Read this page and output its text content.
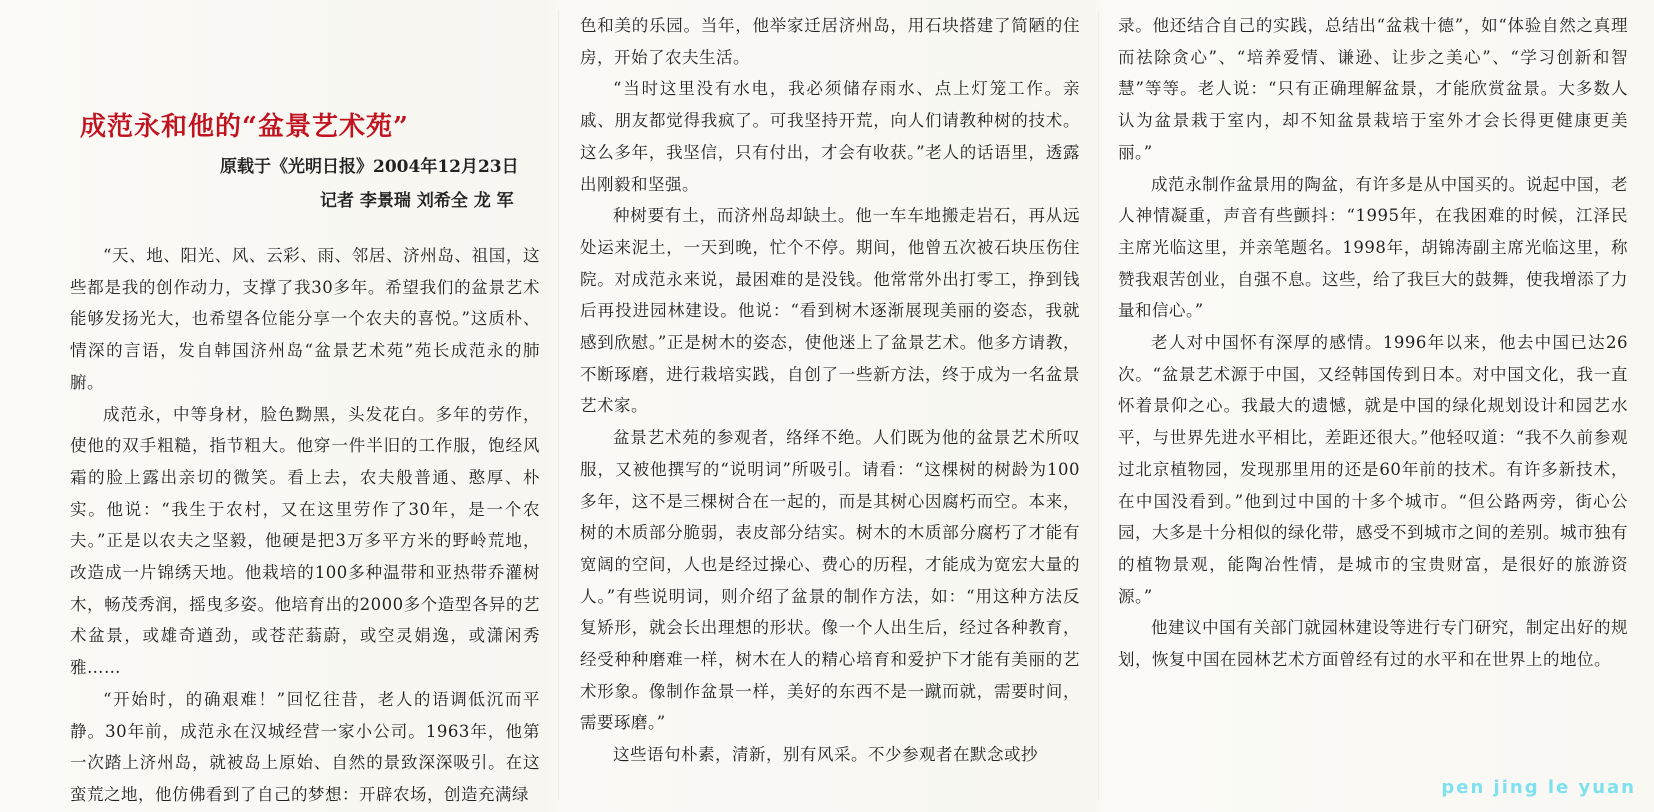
成范永和他的“盆景艺术苑”
原载于《光明日报》2004年12月23日
记者 李景瑞 刘希全 龙 军

“天、地、阳光、风、云彩、雨、邻居、济州岛、祖国，这些都是我的创作动力，支撑了我30多年。希望我们的盆景艺术能够发扬光大，也希望各位能分享一个农夫的喜悦。”这质朴、情深的言语，发自韩国济州岛“盆景艺术苑”苑长成范永的肺腑。

成范永，中等身材，脸色黝黑，头发花白。多年的劳作，使他的双手粗糙，指节粗大。他穿一件半旧的工作服，饱经风霜的脸上露出亲切的微笑。看上去，农夫般普通、憨厚、朴实。他说：“我生于农村，又在这里劳作了30年，是一个农夫。”正是以农夫之坚毅，他硬是把3万多平方米的野岭荒地，改造成一片锦绣天地。他栽培的100多种温带和亚热带乔灌树木，畅茂秀润，摇曳多姿。他培育出的2000多个造型各异的艺术盆景，或雄奇遒劲，或苍茫蓊蔚，或空灵娟逸，或潇闲秀雅……

“开始时，的确艰难！”回忆往昔，老人的语调低沉而平静。30年前，成范永在汉城经营一家小公司。1963年，他第一次踏上济州岛，就被岛上原始、自然的景致深深吸引。在这蛮荒之地，他仿佛看到了自己的梦想：开辟农场，创造充满绿

色和美的乐园。当年，他举家迁居济州岛，用石块搭建了简陋的住房，开始了农夫生活。

“当时这里没有水电，我必须储存雨水、点上灯笼工作。亲戚、朋友都觉得我疯了。可我坚持开荒，向人们请教种树的技术。这么多年，我坚信，只有付出，才会有收获。”老人的话语里，透露出刚毅和坚强。

种树要有土，而济州岛却缺土。他一车车地搬走岩石，再从远处运来泥土，一天到晚，忙个不停。期间，他曾五次被石块压伤住院。对成范永来说，最困难的是没钱。他常常外出打零工，挣到钱后再投进园林建设。他说：“看到树木逐渐展现美丽的姿态，我就感到欣慰。”正是树木的姿态，使他迷上了盆景艺术。他多方请教，不断琢磨，进行栽培实践，自创了一些新方法，终于成为一名盆景艺术家。

盆景艺术苑的参观者，络绎不绝。人们既为他的盆景艺术所叹服，又被他撰写的“说明词”所吸引。请看：“这棵树的树龄为100多年，这不是三棵树合在一起的，而是其树心因腐朽而空。本来，树的木质部分脆弱，表皮部分结实。树木的木质部分腐朽了才能有宽阔的空间，人也是经过操心、费心的历程，才能成为宽宏大量的人。”有些说明词，则介绍了盆景的制作方法，如：“用这种方法反复矫形，就会长出理想的形状。像一个人出生后，经过各种教育，经受种种磨难一样，树木在人的精心培育和爱护下才能有美丽的艺术形象。像制作盆景一样，美好的东西不是一蹴而就，需要时间，需要琢磨。”

这些语句朴素，清新，别有风采。不少参观者在默念或抄

录。他还结合自己的实践，总结出“盆栽十德”，如“体验自然之真理而祛除贪心”、“培养爱情、谦逊、让步之美心”、“学习创新和智慧”等等。老人说：“只有正确理解盆景，才能欣赏盆景。大多数人认为盆景栽于室内，却不知盆景栽培于室外才会长得更健康更美丽。”

成范永制作盆景用的陶盆，有许多是从中国买的。说起中国，老人神情凝重，声音有些颤抖：“1995年，在我困难的时候，江泽民主席光临这里，并亲笔题名。1998年，胡锦涛副主席光临这里，称赞我艰苦创业，自强不息。这些，给了我巨大的鼓舞，使我增添了力量和信心。”

老人对中国怀有深厚的感情。1996年以来，他去中国已达26次。“盆景艺术源于中国，又经韩国传到日本。对中国文化，我一直怀着景仰之心。我最大的遗憾，就是中国的绿化规划设计和园艺水平，与世界先进水平相比，差距还很大。”他轻叹道：“我不久前参观过北京植物园，发现那里用的还是60年前的技术。有许多新技术，在中国没看到。”他到过中国的十多个城市。“但公路两旁，街心公园，大多是十分相似的绿化带，感受不到城市之间的差别。城市独有的植物景观，能陶冶性情，是城市的宝贵财富，是很好的旅游资源。”

他建议中国有关部门就园林建设等进行专门研究，制定出好的规划，恢复中国在园林艺术方面曾经有过的水平和在世界上的地位。

pen jing le yuan
